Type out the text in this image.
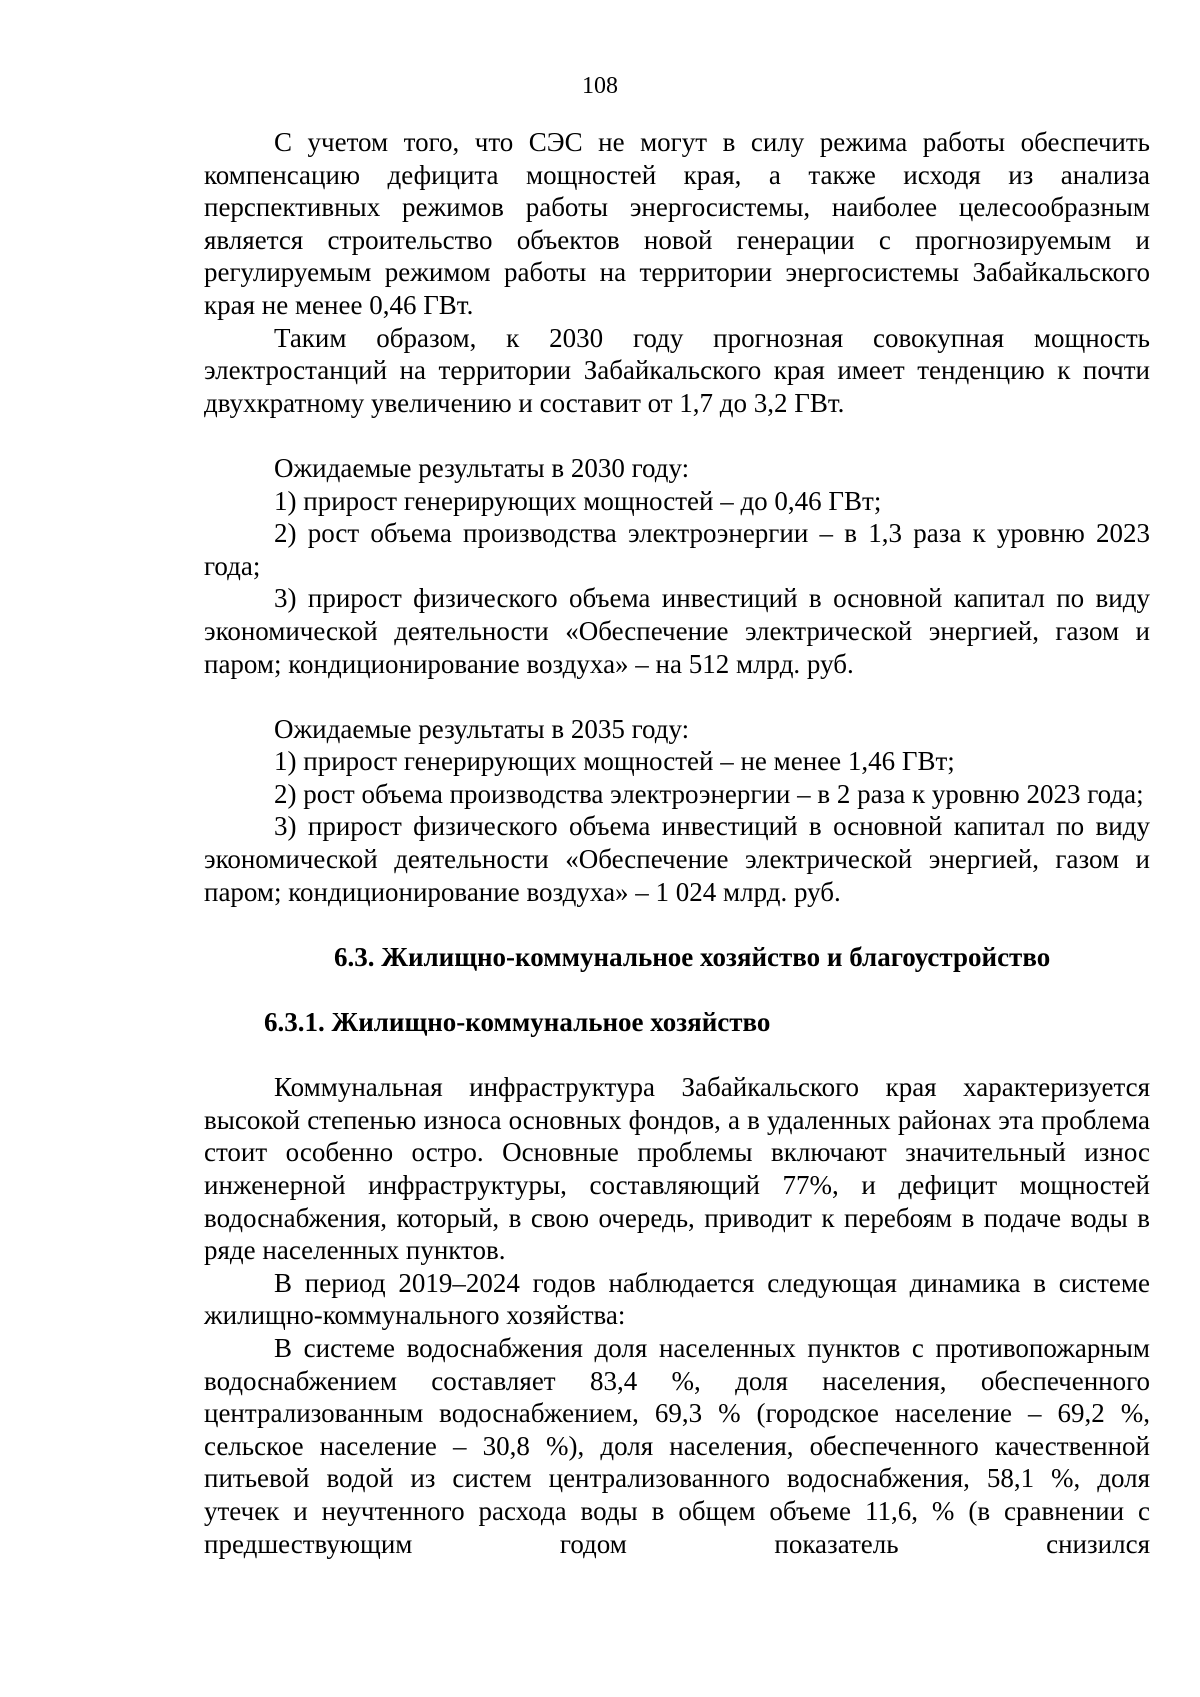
108

С учетом того, что СЭС не могут в силу режима работы обеспечить компенсацию дефицита мощностей края, а также исходя из анализа перспективных режимов работы энергосистемы, наиболее целесообразным является строительство объектов новой генерации с прогнозируемым и регулируемым режимом работы на территории энергосистемы Забайкальского края не менее 0,46 ГВт.

Таким образом, к 2030 году прогнозная совокупная мощность электростанций на территории Забайкальского края имеет тенденцию к почти двухкратному увеличению и составит от 1,7 до 3,2 ГВт.

Ожидаемые результаты в 2030 году:

1) прирост генерирующих мощностей – до 0,46 ГВт;

2) рост объема производства электроэнергии – в 1,3 раза к уровню 2023 года;

3) прирост физического объема инвестиций в основной капитал по виду экономической деятельности «Обеспечение электрической энергией, газом и паром; кондиционирование воздуха» – на 512 млрд. руб.

Ожидаемые результаты в 2035 году:

1) прирост генерирующих мощностей – не менее 1,46 ГВт;

2) рост объема производства электроэнергии – в 2 раза к уровню 2023 года;

3) прирост физического объема инвестиций в основной капитал по виду экономической деятельности «Обеспечение электрической энергией, газом и паром; кондиционирование воздуха» – 1 024 млрд. руб.

6.3. Жилищно-коммунальное хозяйство и благоустройство

6.3.1. Жилищно-коммунальное хозяйство

Коммунальная инфраструктура Забайкальского края характеризуется высокой степенью износа основных фондов, а в удаленных районах эта проблема стоит особенно остро. Основные проблемы включают значительный износ инженерной инфраструктуры, составляющий 77%, и дефицит мощностей водоснабжения, который, в свою очередь, приводит к перебоям в подаче воды в ряде населенных пунктов.

В период 2019–2024 годов наблюдается следующая динамика в системе жилищно-коммунального хозяйства:

В системе водоснабжения доля населенных пунктов с противопожарным водоснабжением составляет 83,4 %, доля населения, обеспеченного централизованным водоснабжением, 69,3 % (городское население – 69,2 %, сельское население – 30,8 %), доля населения, обеспеченного качественной питьевой водой из систем централизованного водоснабжения, 58,1 %, доля утечек и неучтенного расхода воды в общем объеме 11,6, % (в сравнении с предшествующим годом показатель снизился
